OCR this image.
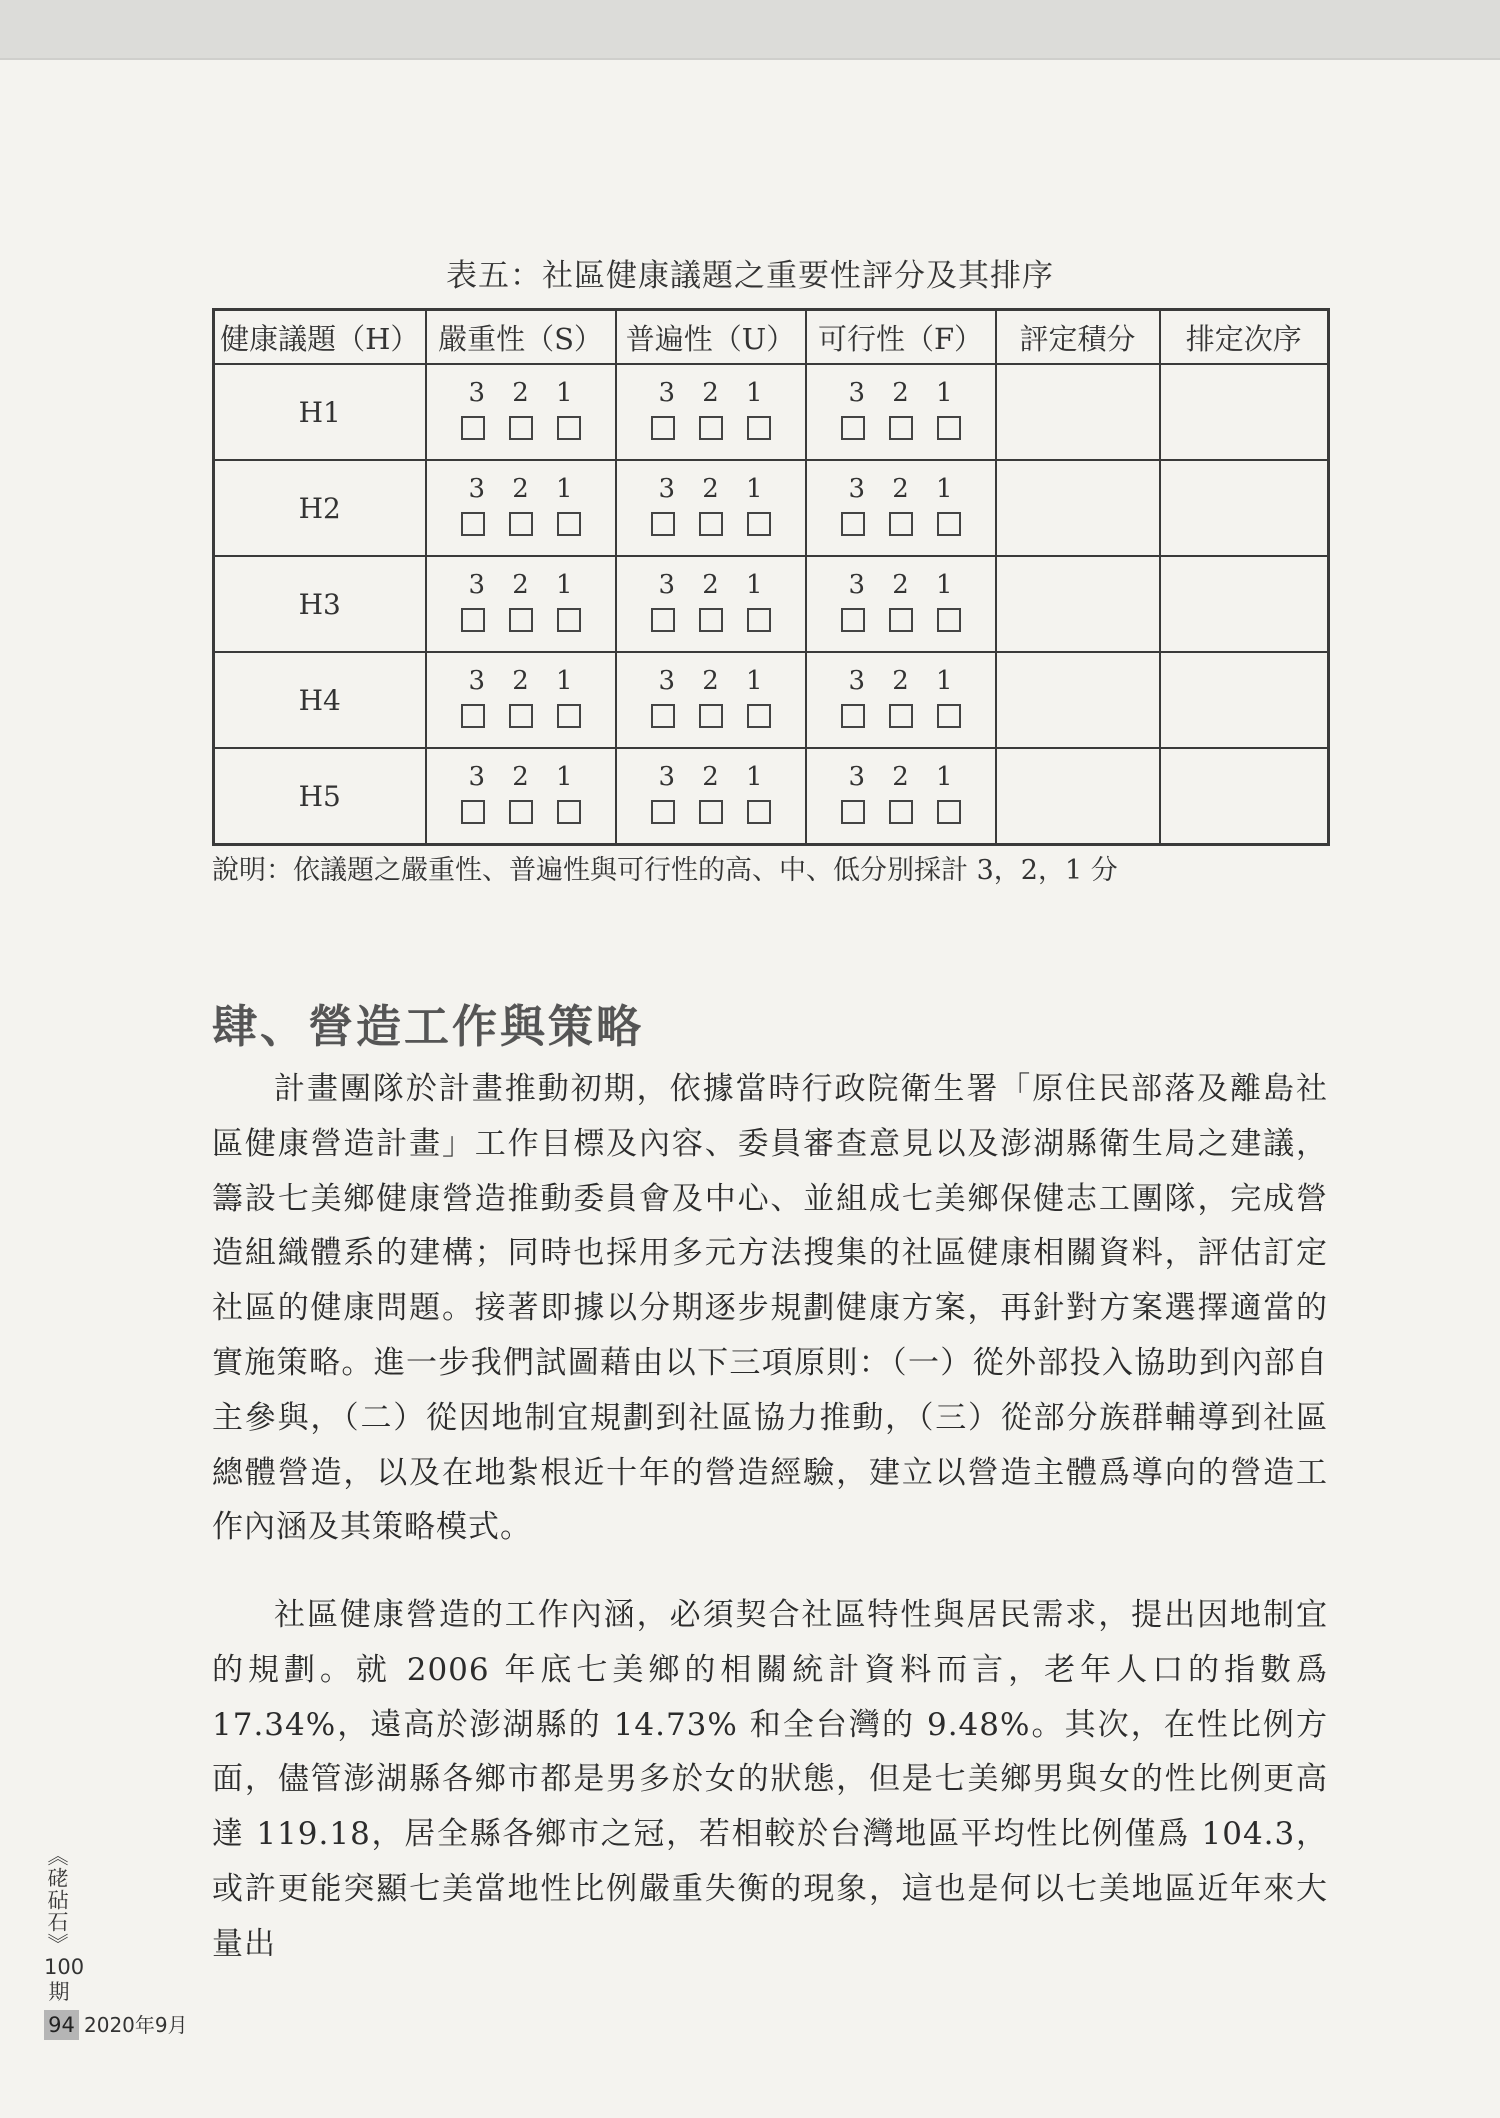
表五：社區健康議題之重要性評分及其排序
健康議題（H）	嚴重性（S）	普遍性（U）	可行性（F）	評定積分	排定次序
H1	3 2 1	3 2 1	3 2 1		

H2	3 2 1	3 2 1	3 2 1		

H3	3 2 1	3 2 1	3 2 1		

H4	3 2 1	3 2 1	3 2 1		

H5	3 2 1	3 2 1	3 2 1		

說明：依議題之嚴重性、普遍性與可行性的高、中、低分別採計 3，2，1 分
肆、營造工作與策略

計畫團隊於計畫推動初期，依據當時行政院衛生署「原住民部落及離島社區健康營造計畫」工作目標及內容、委員審查意見以及澎湖縣衛生局之建議，籌設七美鄉健康營造推動委員會及中心、並組成七美鄉保健志工團隊，完成營造組織體系的建構；同時也採用多元方法搜集的社區健康相關資料，評估訂定社區的健康問題。接著即據以分期逐步規劃健康方案，再針對方案選擇適當的實施策略。進一步我們試圖藉由以下三項原則：（一）從外部投入協助到內部自主參與，（二）從因地制宜規劃到社區協力推動，（三）從部分族群輔導到社區總體營造，以及在地紮根近十年的營造經驗，建立以營造主體爲導向的營造工作內涵及其策略模式。

社區健康營造的工作內涵，必須契合社區特性與居民需求，提出因地制宜的規劃。就 2006 年底七美鄉的相關統計資料而言，老年人口的指數爲 17.34%，遠高於澎湖縣的 14.73% 和全台灣的 9.48%。其次，在性比例方面，儘管澎湖縣各鄉市都是男多於女的狀態，但是七美鄉男與女的性比例更高達 119.18，居全縣各鄉市之冠，若相較於台灣地區平均性比例僅爲 104.3，或許更能突顯七美當地性比例嚴重失衡的現象，這也是何以七美地區近年來大量出

《硓砧石》
100
期
94 2020年9月
